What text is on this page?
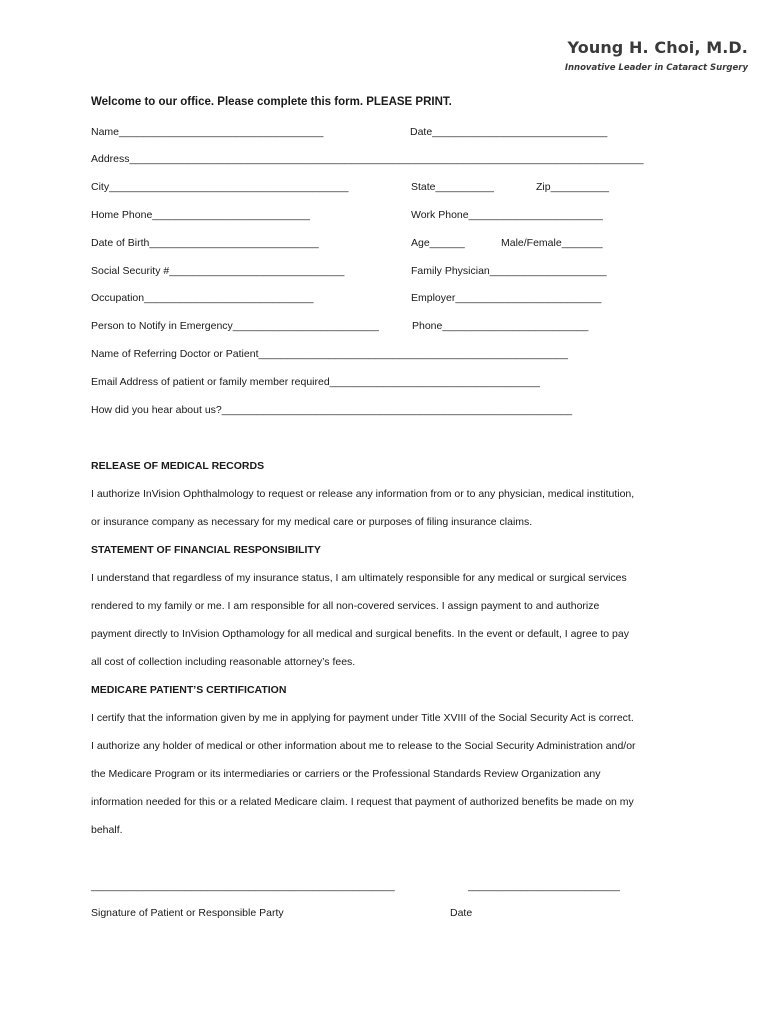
Young H. Choi, M.D.
Innovative Leader in Cataract Surgery
Welcome to our office. Please complete this form. PLEASE PRINT.
Name___________________________________	Date______________________________
Address________________________________________________________________________________________
City_________________________________________	State__________	Zip__________
Home Phone___________________________	Work Phone_______________________
Date of Birth_____________________________	Age______	Male/Female_______
Social Security #______________________________	Family Physician____________________
Occupation_____________________________	Employer_________________________
Person to Notify in Emergency_________________________	Phone_________________________
Name of Referring Doctor or Patient_____________________________________________________
Email Address of patient or family member required____________________________________
How did you hear about us?____________________________________________________________
RELEASE OF MEDICAL RECORDS
I authorize InVision Ophthalmology to request or release any information from or to any physician, medical institution,
or insurance company as necessary for my medical care or purposes of filing insurance claims.
STATEMENT OF FINANCIAL RESPONSIBILITY
I understand that regardless of my insurance status, I am ultimately responsible for any medical or surgical services
rendered to my family or me. I am responsible for all non-covered services. I assign payment to and authorize
payment directly to InVision Opthamology for all medical and surgical benefits. In the event or default, I agree to pay
all cost of collection including reasonable attorney’s fees.
MEDICARE PATIENT’S CERTIFICATION
I certify that the information given by me in applying for payment under Title XVIII of the Social Security Act is correct.
I authorize any holder of medical or other information about me to release to the Social Security Administration and/or
the Medicare Program or its intermediaries or carriers or the Professional Standards Review Organization any
information needed for this or a related Medicare claim. I request that payment of authorized benefits be made on my
behalf.
____________________________________________________	__________________________
Signature of Patient or Responsible Party	Date
